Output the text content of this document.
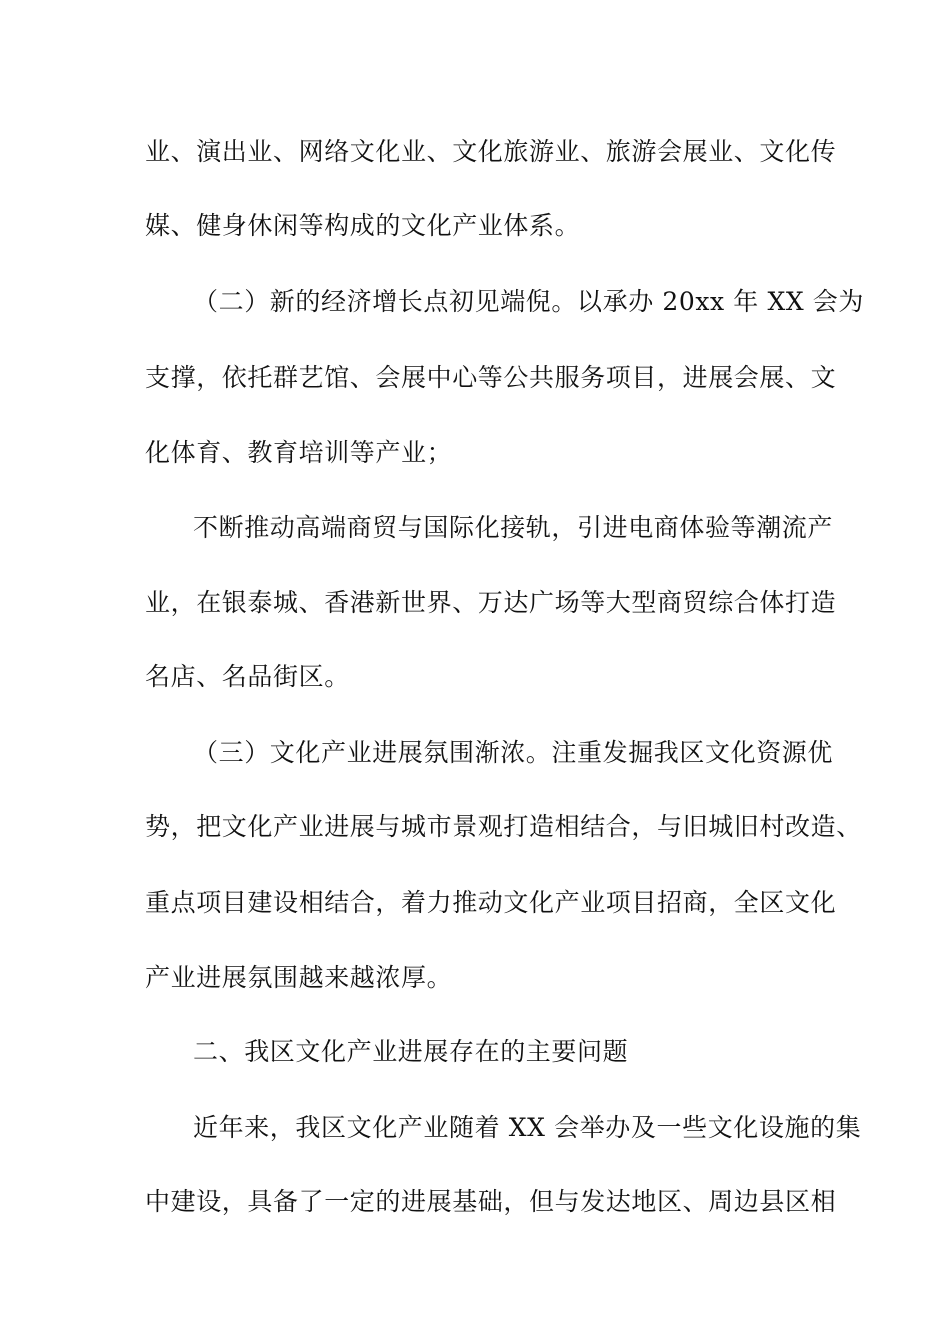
业、演出业、网络文化业、文化旅游业、旅游会展业、文化传
媒、健身休闲等构成的文化产业体系。
（二）新的经济增长点初见端倪。以承办 20xx 年 XX 会为
支撑，依托群艺馆、会展中心等公共服务项目，进展会展、文
化体育、教育培训等产业；
不断推动高端商贸与国际化接轨，引进电商体验等潮流产
业，在银泰城、香港新世界、万达广场等大型商贸综合体打造
名店、名品街区。
（三）文化产业进展氛围渐浓。注重发掘我区文化资源优
势，把文化产业进展与城市景观打造相结合，与旧城旧村改造、
重点项目建设相结合，着力推动文化产业项目招商，全区文化
产业进展氛围越来越浓厚。
二、我区文化产业进展存在的主要问题
近年来，我区文化产业随着 XX 会举办及一些文化设施的集
中建设，具备了一定的进展基础，但与发达地区、周边县区相
